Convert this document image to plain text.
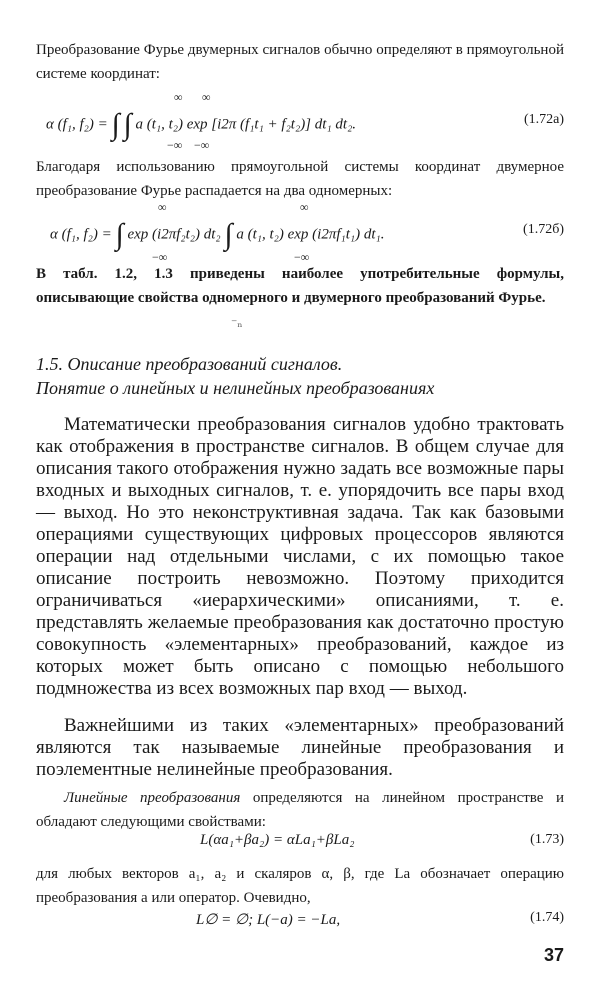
Преобразование Фурье двумерных сигналов обычно определяют в прямоугольной системе координат:
α (f₁, f₂) = ∫ ∫ a (t₁, t₂) exp [i2π (f₁t₁ + f₂t₂)] dt₁ dt₂.
∞
−∞
∞
−∞
(1.72а)
Благодаря использованию прямоугольной системы координат двумерное преобразование Фурье распадается на два одномерных:
α (f₁, f₂) = ∫ exp (i2πf₂t₂) dt₂ ∫ a (t₁, t₂) exp (i2πf₁t₁) dt₁.
∞
−∞
∞
−∞
(1.72б)
В табл. 1.2, 1.3 приведены наиболее употребительные формулы, описывающие свойства одномерного и двумерного преобразований Фурье.
⁻ₙ
1.5. Описание преобразований сигналов.
Понятие о линейных и нелинейных преобразованиях
Математически преобразования сигналов удобно трактовать как отображения в пространстве сигналов. В общем случае для описания такого отображения нужно задать все возможные пары входных и выходных сигналов, т. е. упорядочить все пары вход — выход. Но это неконструктивная задача. Так как базовыми операциями существующих цифровых процессоров являются операции над отдельными числами, с их помощью такое описание построить невозможно. Поэтому приходится ограничиваться «иерархическими» описаниями, т. е. представлять желаемые преобразования как достаточно простую совокупность «элементарных» преобразований, каждое из которых может быть описано с помощью небольшого подмножества из всех возможных пар вход — выход.
Важнейшими из таких «элементарных» преобразований являются так называемые линейные преобразования и поэлементные нелинейные преобразования.
Линейные преобразования определяются на линейном пространстве и обладают следующими свойствами:
L(αa₁+βa₂) = αLa₁+βLa₂	(1.73)
для любых векторов a₁, a₂ и скаляров α, β, где La обозначает операцию преобразования a или оператор. Очевидно,
L∅ = ∅; L(−a) = −La,	(1.74)
37
